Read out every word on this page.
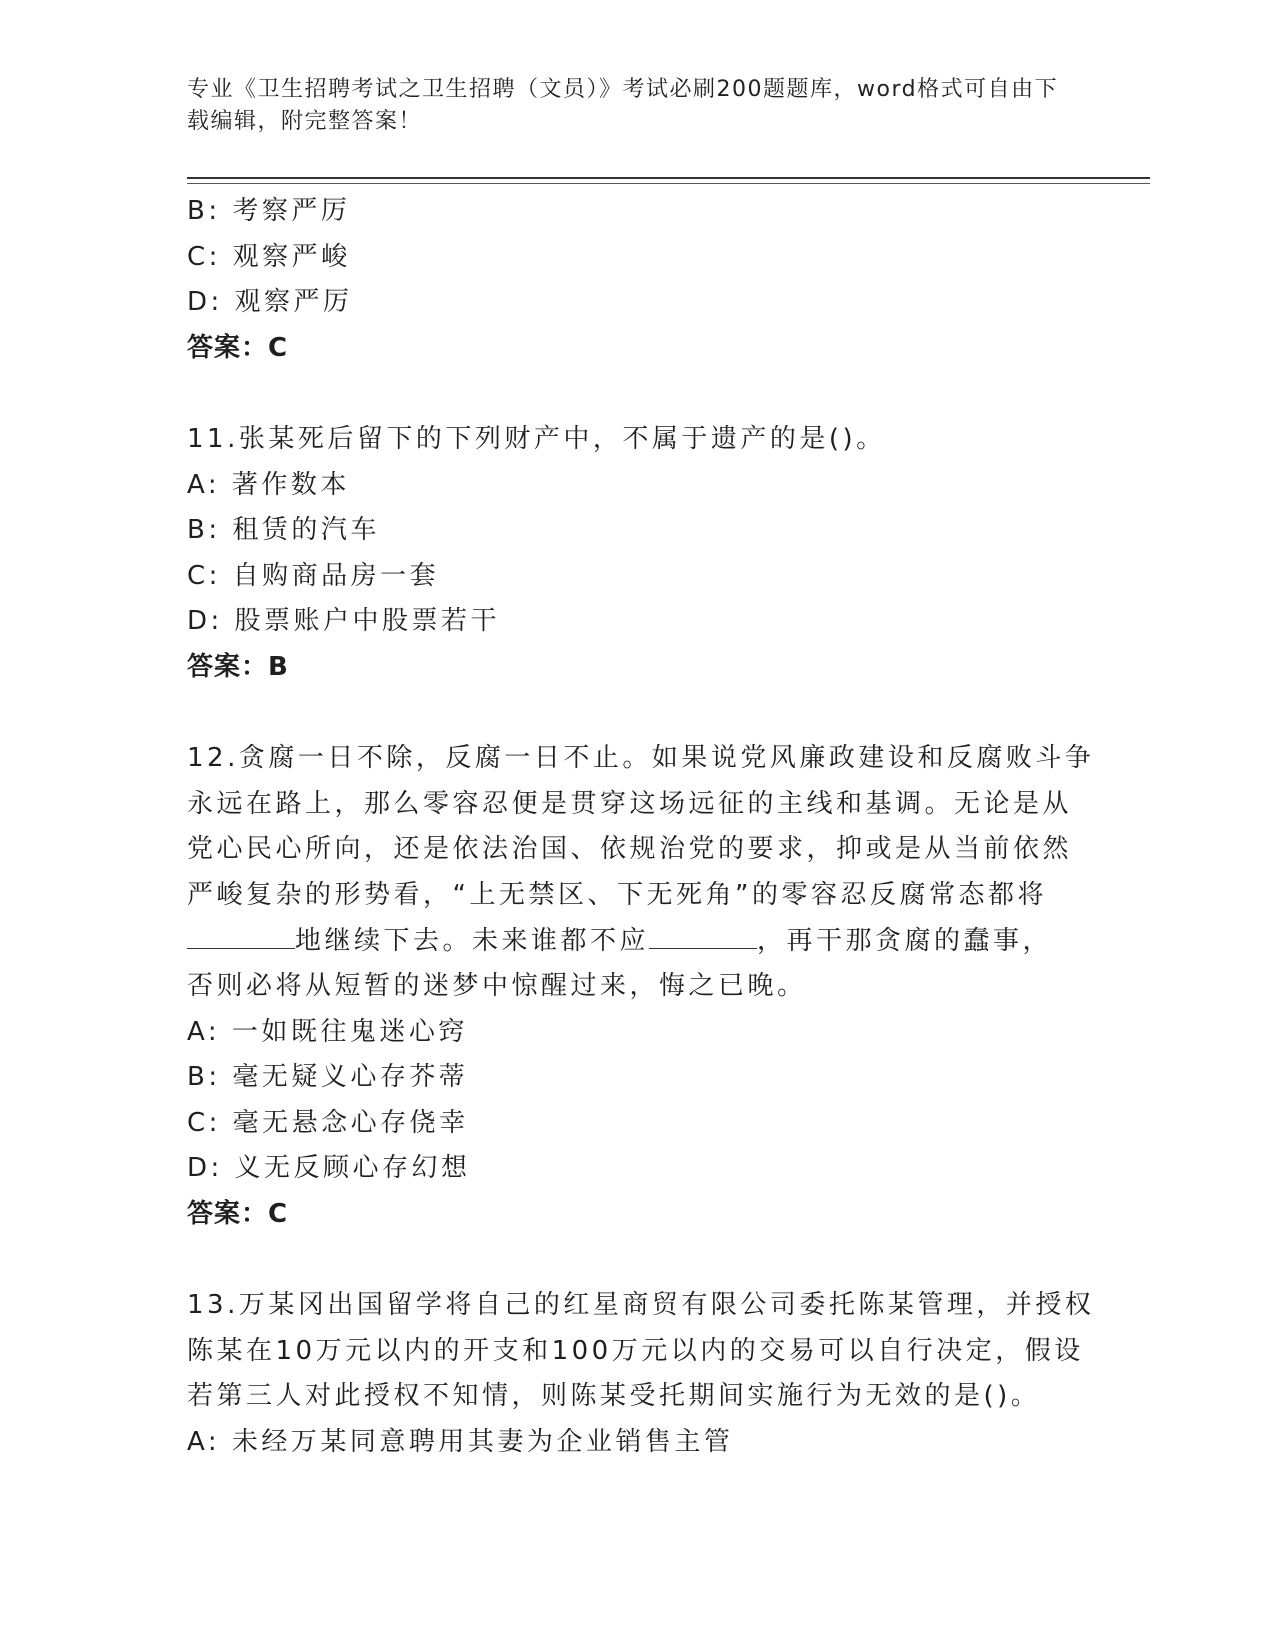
专业《卫生招聘考试之卫生招聘（文员）》考试必刷200题题库，word格式可自由下载编辑，附完整答案！
B: 考察严厉
C: 观察严峻
D: 观察严厉
答案：C
11.张某死后留下的下列财产中，不属于遗产的是()。
A: 著作数本
B: 租赁的汽车
C: 自购商品房一套
D: 股票账户中股票若干
答案：B
12.贪腐一日不除，反腐一日不止。如果说党风廉政建设和反腐败斗争
永远在路上，那么零容忍便是贯穿这场远征的主线和基调。无论是从
党心民心所向，还是依法治国、依规治党的要求，抑或是从当前依然
严峻复杂的形势看，“上无禁区、下无死角”的零容忍反腐常态都将
地继续下去。未来谁都不应	，再干那贪腐的蠢事，
否则必将从短暂的迷梦中惊醒过来，悔之已晚。
A: 一如既往鬼迷心窍
B: 毫无疑义心存芥蒂
C: 毫无悬念心存侥幸
D: 义无反顾心存幻想
答案：C
13.万某冈出国留学将自己的红星商贸有限公司委托陈某管理，并授权
陈某在10万元以内的开支和100万元以内的交易可以自行决定，假设
若第三人对此授权不知情，则陈某受托期间实施行为无效的是()。
A: 未经万某同意聘用其妻为企业销售主管
